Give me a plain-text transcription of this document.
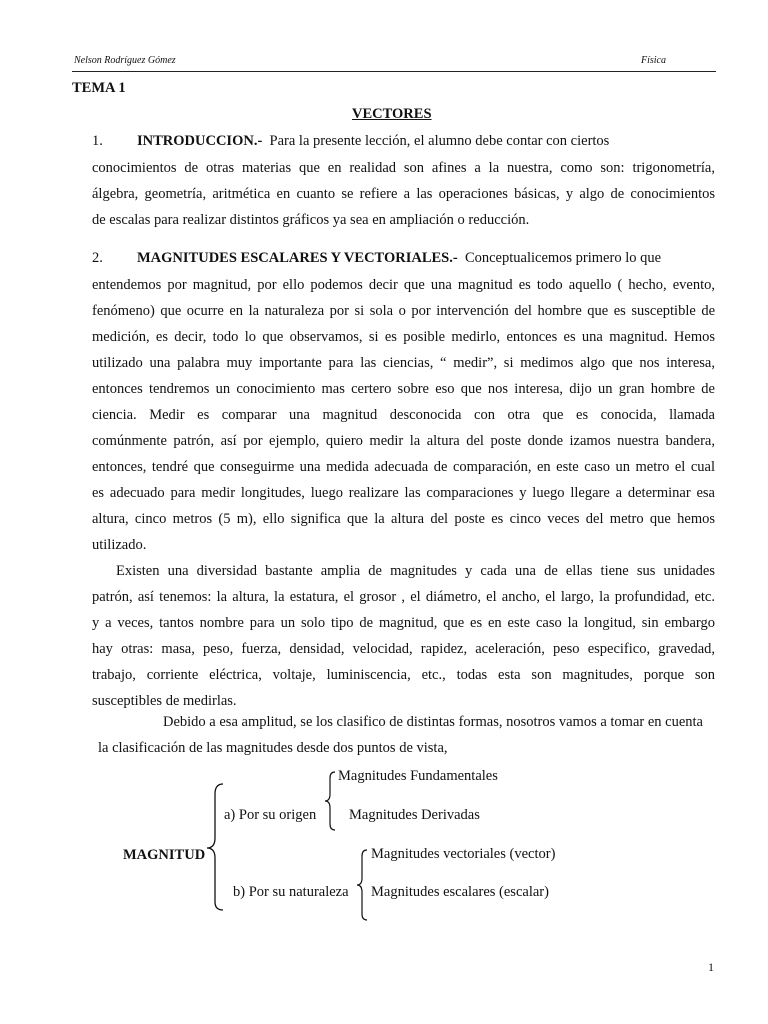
Nelson Rodríguez Gómez	Física
TEMA 1
VECTORES
1. INTRODUCCION.- Para la presente lección, el alumno debe contar con ciertos
conocimientos de otras materias que en realidad son afines a la nuestra, como son: trigonometría,
álgebra, geometría, aritmética en cuanto se refiere a las operaciones básicas, y algo de conocimientos
de escalas para realizar distintos gráficos ya sea en ampliación o reducción.
2. MAGNITUDES ESCALARES Y VECTORIALES.- Conceptualicemos primero lo que
entendemos por magnitud, por ello podemos decir que una magnitud es todo aquello ( hecho, evento,
fenómeno) que ocurre en la naturaleza por si sola o por intervención del hombre que es susceptible de
medición, es decir, todo lo que observamos, si es posible medirlo, entonces es una magnitud. Hemos
utilizado una palabra muy importante para las ciencias, “ medir”, si medimos algo que nos interesa,
entonces tendremos un conocimiento mas certero sobre eso que nos interesa, dijo un gran hombre de
ciencia. Medir es comparar una magnitud desconocida con otra que es conocida, llamada
comúnmente patrón, así por ejemplo, quiero medir la altura del poste donde izamos nuestra bandera,
entonces, tendré que conseguirme una medida adecuada de comparación, en este caso un metro el cual
es adecuado para medir longitudes, luego realizare las comparaciones y luego llegare a determinar esa
altura, cinco metros (5 m), ello significa que la altura del poste es cinco veces del metro que hemos
utilizado.
Existen una diversidad bastante amplia de magnitudes y cada una de ellas tiene sus unidades
patrón, así tenemos: la altura, la estatura, el grosor , el diámetro, el ancho, el largo, la profundidad, etc.
y a veces, tantos nombre para un solo tipo de magnitud, que es en este caso la longitud, sin embargo
hay otras: masa, peso, fuerza, densidad, velocidad, rapidez, aceleración, peso especifico, gravedad,
trabajo, corriente eléctrica, voltaje, luminiscencia, etc., todas esta son magnitudes, porque son
susceptibles de medirlas.
Debido a esa amplitud, se los clasifico de distintas formas, nosotros vamos a tomar en cuenta
la clasificación de las magnitudes desde dos puntos de vista,
Magnitudes Fundamentales
a) Por su origen Magnitudes Derivadas
MAGNITUD	Magnitudes vectoriales (vector)
b) Por su naturaleza Magnitudes escalares (escalar)
1
